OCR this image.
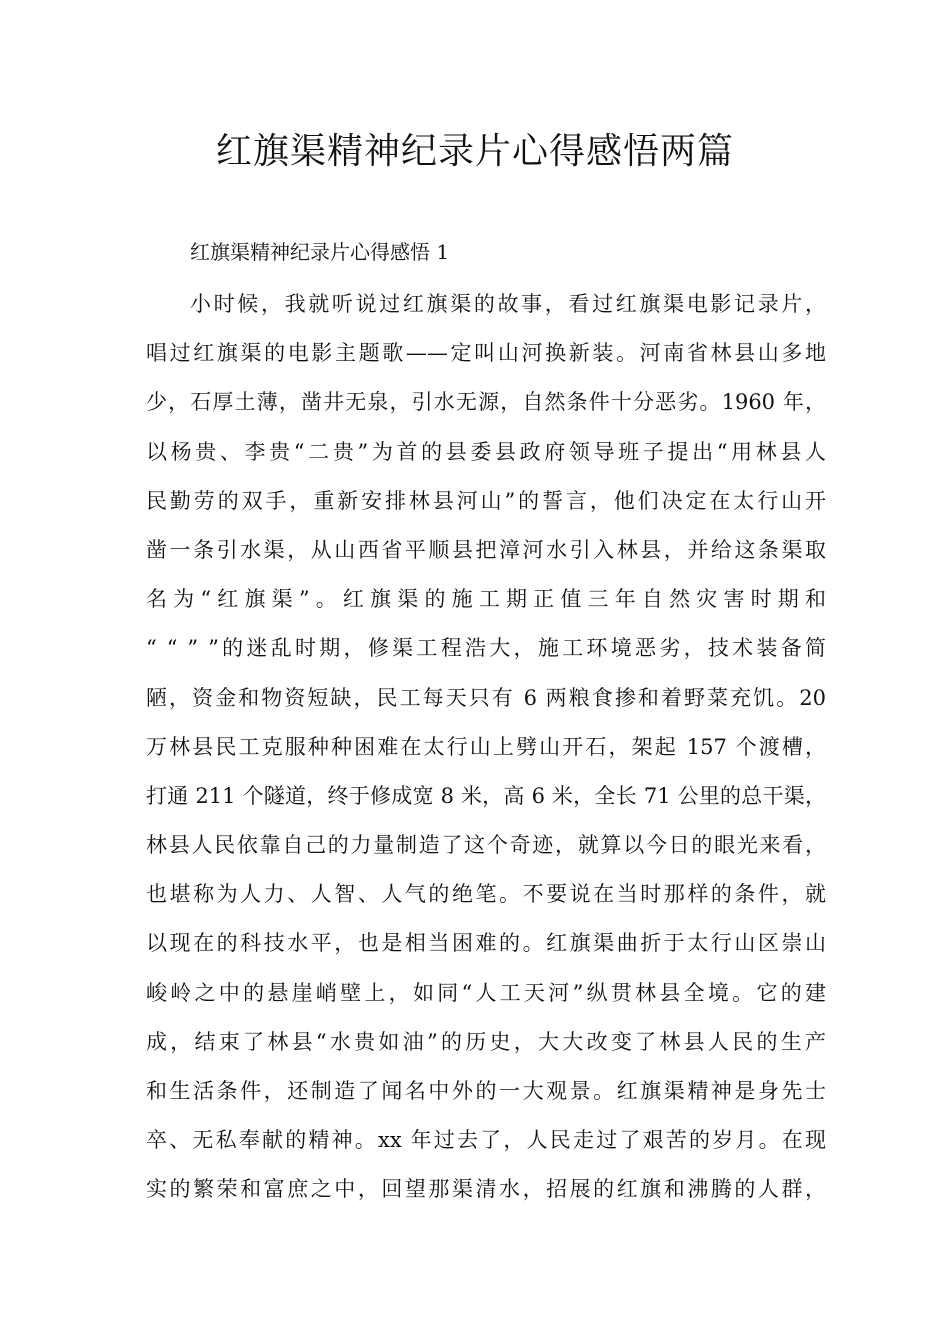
红旗渠精神纪录片心得感悟两篇
红旗渠精神纪录片心得感悟 1
小时候，我就听说过红旗渠的故事，看过红旗渠电影记录片，
唱过红旗渠的电影主题歌——定叫山河换新装。河南省林县山多地
少，石厚土薄，凿井无泉，引水无源，自然条件十分恶劣。1960 年，
以杨贵、李贵“二贵”为首的县委县政府领导班子提出“用林县人
民勤劳的双手，重新安排林县河山”的誓言，他们决定在太行山开
凿一条引水渠，从山西省平顺县把漳河水引入林县，并给这条渠取
名为“红旗渠”。红旗渠的施工期正值三年自然灾害时期和
“ “ ” ”的迷乱时期，修渠工程浩大，施工环境恶劣，技术装备简
陋，资金和物资短缺，民工每天只有 6 两粮食掺和着野菜充饥。20
万林县民工克服种种困难在太行山上劈山开石，架起 157 个渡槽，
打通 211 个隧道，终于修成宽 8 米，高 6 米，全长 71 公里的总干渠，
林县人民依靠自己的力量制造了这个奇迹，就算以今日的眼光来看，
也堪称为人力、人智、人气的绝笔。不要说在当时那样的条件，就
以现在的科技水平，也是相当困难的。红旗渠曲折于太行山区崇山
峻岭之中的悬崖峭壁上，如同“人工天河”纵贯林县全境。它的建
成，结束了林县“水贵如油”的历史，大大改变了林县人民的生产
和生活条件，还制造了闻名中外的一大观景。红旗渠精神是身先士
卒、无私奉献的精神。xx 年过去了，人民走过了艰苦的岁月。在现
实的繁荣和富庶之中，回望那渠清水，招展的红旗和沸腾的人群，
